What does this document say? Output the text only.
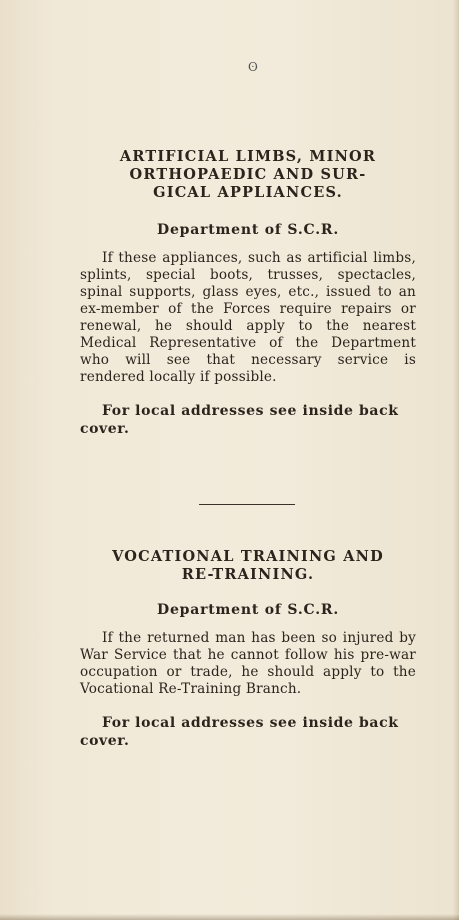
ʘ

ARTIFICIAL LIMBS, MINOR
ORTHOPAEDIC AND SUR-
GICAL APPLIANCES.

Department of S.C.R.

If these appliances, such as artificial limbs, splints, special boots, trusses, spectacles, spinal supports, glass eyes, etc., issued to an ex-member of the Forces require repairs or renewal, he should apply to the nearest Medical Representative of the Department who will see that necessary service is rendered locally if possible.

For local addresses see inside back cover.

VOCATIONAL TRAINING AND
RE-TRAINING.

Department of S.C.R.

If the returned man has been so injured by War Service that he cannot follow his pre-war occupation or trade, he should apply to the Vocational Re-Training Branch.

For local addresses see inside back cover.
